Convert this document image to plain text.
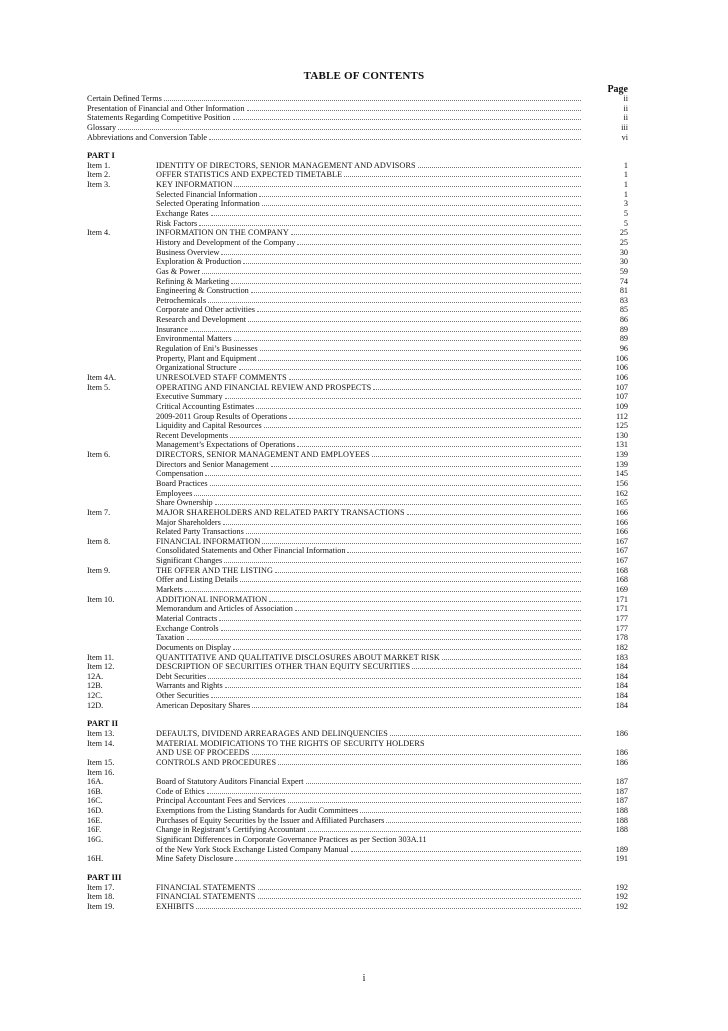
TABLE OF CONTENTS
Page
Certain Defined Terms	ii
Presentation of Financial and Other Information	ii
Statements Regarding Competitive Position	ii
Glossary	iii
Abbreviations and Conversion Table	vi
PART I
Item 1.	IDENTITY OF DIRECTORS, SENIOR MANAGEMENT AND ADVISORS	1
Item 2.	OFFER STATISTICS AND EXPECTED TIMETABLE	1
Item 3.	KEY INFORMATION	1
Selected Financial Information	1
Selected Operating Information	3
Exchange Rates	5
Risk Factors	5
Item 4.	INFORMATION ON THE COMPANY	25
History and Development of the Company	25
Business Overview	30
Exploration & Production	30
Gas & Power	59
Refining & Marketing	74
Engineering & Construction	81
Petrochemicals	83
Corporate and Other activities	85
Research and Development	86
Insurance	89
Environmental Matters	89
Regulation of Eni’s Businesses	96
Property, Plant and Equipment	106
Organizational Structure	106
Item 4A.	UNRESOLVED STAFF COMMENTS	106
Item 5.	OPERATING AND FINANCIAL REVIEW AND PROSPECTS	107
Executive Summary	107
Critical Accounting Estimates	109
2009-2011 Group Results of Operations	112
Liquidity and Capital Resources	125
Recent Developments	130
Management’s Expectations of Operations	131
Item 6.	DIRECTORS, SENIOR MANAGEMENT AND EMPLOYEES	139
Directors and Senior Management	139
Compensation	145
Board Practices	156
Employees	162
Share Ownership	165
Item 7.	MAJOR SHAREHOLDERS AND RELATED PARTY TRANSACTIONS	166
Major Shareholders	166
Related Party Transactions	166
Item 8.	FINANCIAL INFORMATION	167
Consolidated Statements and Other Financial Information	167
Significant Changes	167
Item 9.	THE OFFER AND THE LISTING	168
Offer and Listing Details	168
Markets	169
Item 10.	ADDITIONAL INFORMATION	171
Memorandum and Articles of Association	171
Material Contracts	177
Exchange Controls	177
Taxation	178
Documents on Display	182
Item 11.	QUANTITATIVE AND QUALITATIVE DISCLOSURES ABOUT MARKET RISK	183
Item 12.	DESCRIPTION OF SECURITIES OTHER THAN EQUITY SECURITIES	184
12A.	Debt Securities	184
12B.	Warrants and Rights	184
12C.	Other Securities	184
12D.	American Depositary Shares	184
PART II
Item 13.	DEFAULTS, DIVIDEND ARREARAGES AND DELINQUENCIES	186
Item 14.	MATERIAL MODIFICATIONS TO THE RIGHTS OF SECURITY HOLDERS
AND USE OF PROCEEDS	186
Item 15.	CONTROLS AND PROCEDURES	186
Item 16.
16A.	Board of Statutory Auditors Financial Expert	187
16B.	Code of Ethics	187
16C.	Principal Accountant Fees and Services	187
16D.	Exemptions from the Listing Standards for Audit Committees	188
16E.	Purchases of Equity Securities by the Issuer and Affiliated Purchasers	188
16F.	Change in Registrant’s Certifying Accountant	188
16G.	Significant Differences in Corporate Governance Practices as per Section 303A.11
of the New York Stock Exchange Listed Company Manual	189
16H.	Mine Safety Disclosure	191
PART III
Item 17.	FINANCIAL STATEMENTS	192
Item 18.	FINANCIAL STATEMENTS	192
Item 19.	EXHIBITS	192
i
